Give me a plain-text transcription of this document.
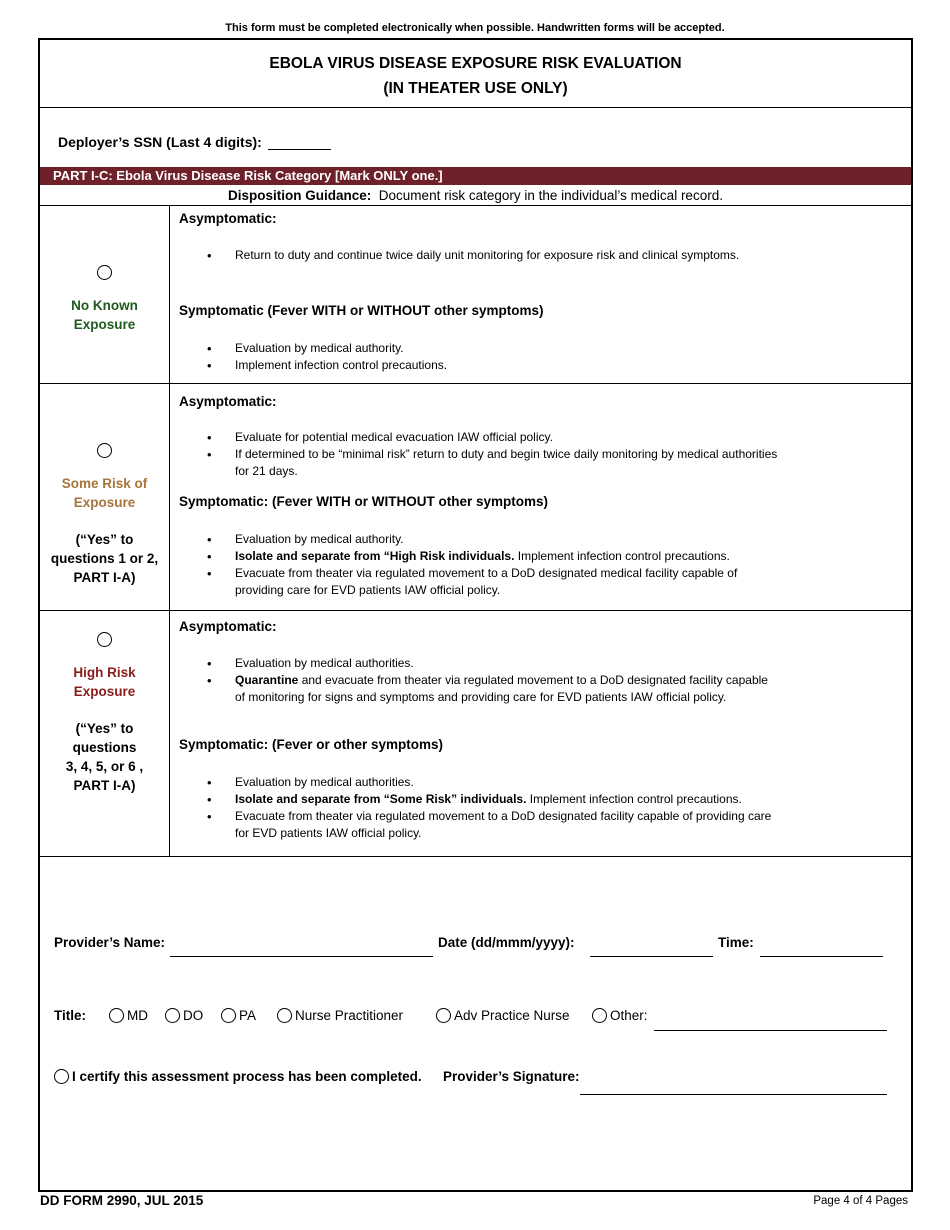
This form must be completed electronically when possible. Handwritten forms will be accepted.
EBOLA VIRUS DISEASE EXPOSURE RISK EVALUATION
(IN THEATER USE ONLY)
Deployer’s SSN (Last 4 digits):
PART I-C: Ebola Virus Disease Risk Category [Mark ONLY one.]
Disposition Guidance: Document risk category in the individual’s medical record.
No Known
Exposure
Asymptomatic:
• Return to duty and continue twice daily unit monitoring for exposure risk and clinical symptoms.
Symptomatic (Fever WITH or WITHOUT other symptoms)
• Evaluation by medical authority.
• Implement infection control precautions.
Some Risk of
Exposure
(“Yes” to
questions 1 or 2,
PART I-A)
Asymptomatic:
• Evaluate for potential medical evacuation IAW official policy.
• If determined to be “minimal risk” return to duty and begin twice daily monitoring by medical authorities for 21 days.
Symptomatic: (Fever WITH or WITHOUT other symptoms)
• Evaluation by medical authority.
• Isolate and separate from “High Risk individuals. Implement infection control precautions.
• Evacuate from theater via regulated movement to a DoD designated medical facility capable of providing care for EVD patients IAW official policy.
High Risk
Exposure
(“Yes” to
questions
3, 4, 5, or 6 ,
PART I-A)
Asymptomatic:
• Evaluation by medical authorities.
• Quarantine and evacuate from theater via regulated movement to a DoD designated facility capable of monitoring for signs and symptoms and providing care for EVD patients IAW official policy.
Symptomatic: (Fever or other symptoms)
• Evaluation by medical authorities.
• Isolate and separate from “Some Risk” individuals. Implement infection control precautions.
• Evacuate from theater via regulated movement to a DoD designated facility capable of providing care for EVD patients IAW official policy.
Provider’s Name:	Date (dd/mmm/yyyy):	Time:
Title:	MD	DO	PA	Nurse Practitioner	Adv Practice Nurse	Other:
I certify this assessment process has been completed. Provider’s Signature:
DD FORM 2990, JUL 2015	Page 4 of 4 Pages
